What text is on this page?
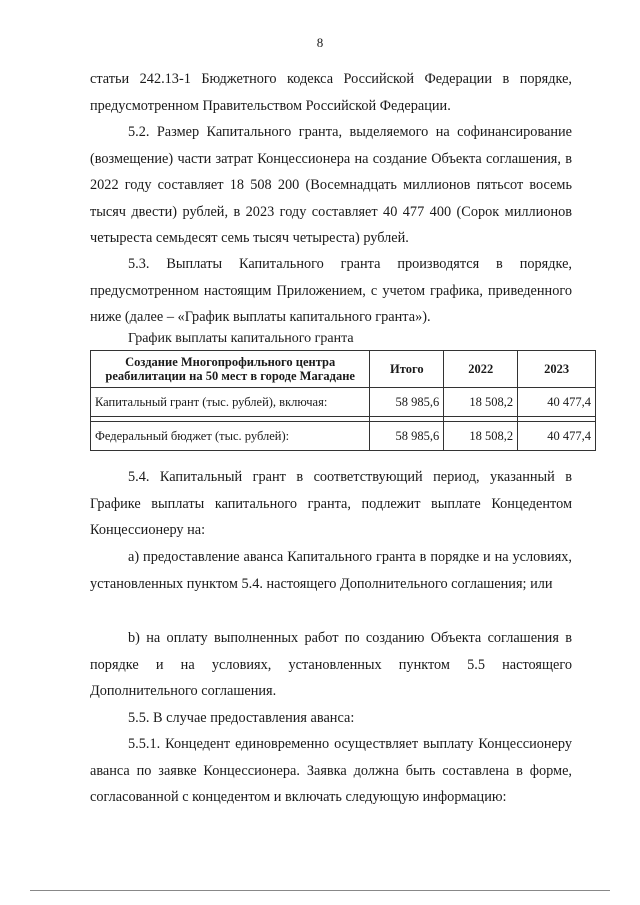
8
статьи 242.13-1 Бюджетного кодекса Российской Федерации в порядке, предусмотренном Правительством Российской Федерации.
5.2. Размер Капитального гранта, выделяемого на софинансирование (возмещение) части затрат Концессионера на создание Объекта соглашения, в 2022 году составляет 18 508 200 (Восемнадцать миллионов пятьсот восемь тысяч двести) рублей, в 2023 году составляет 40 477 400 (Сорок миллионов четыреста семьдесят семь тысяч четыреста) рублей.
5.3. Выплаты Капитального гранта производятся в порядке, предусмотренном настоящим Приложением, с учетом графика, приведенного ниже (далее – «График выплаты капитального гранта»).
График выплаты капитального гранта
Создание Многопрофильного центра реабилитации на 50 мест в городе Магадане	Итого	2022	2023
Капитальный грант (тыс. рублей), включая:	58 985,6	18 508,2	40 477,4

Федеральный бюджет (тыс. рублей):	58 985,6	18 508,2	40 477,4
5.4. Капитальный грант в соответствующий период, указанный в Графике выплаты капитального гранта, подлежит выплате Концедентом Концессионеру на:
а) предоставление аванса Капитального гранта в порядке и на условиях, установленных пунктом 5.4. настоящего Дополнительного соглашения; или
b) на оплату выполненных работ по созданию Объекта соглашения в порядке и на условиях, установленных пунктом 5.5 настоящего Дополнительного соглашения.
5.5. В случае предоставления аванса:
5.5.1. Концедент единовременно осуществляет выплату Концессионеру аванса по заявке Концессионера. Заявка должна быть составлена в форме, согласованной с концедентом и включать следующую информацию:
